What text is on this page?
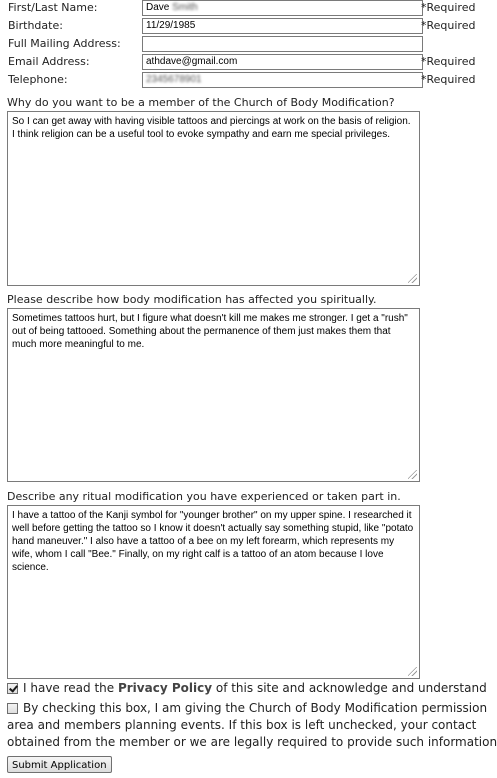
First/Last Name:	Dave Smith	*Required
Birthdate:	11/29/1985	*Required
Full Mailing Address:
Email Address:	athdave@gmail.com	*Required
Telephone:	2345678901	*Required
Why do you want to be a member of the Church of Body Modification?
So I can get away with having visible tattoos and piercings at work on the basis of religion. I think religion can be a useful tool to evoke sympathy and earn me special privileges.
Please describe how body modification has affected you spiritually.
Sometimes tattoos hurt, but I figure what doesn't kill me makes me stronger. I get a "rush" out of being tattooed. Something about the permanence of them just makes them that much more meaningful to me.
Describe any ritual modification you have experienced or taken part in.
I have a tattoo of the Kanji symbol for "younger brother" on my upper spine. I researched it well before getting the tattoo so I know it doesn't actually say something stupid, like "potato hand maneuver." I also have a tattoo of a bee on my left forearm, which represents my wife, whom I call "Bee." Finally, on my right calf is a tattoo of an atom because I love science.
I have read the Privacy Policy of this site and acknowledge and understand
By checking this box, I am giving the Church of Body Modification permission
area and members planning events. If this box is left unchecked, your contact
obtained from the member or we are legally required to provide such information
Submit Application
